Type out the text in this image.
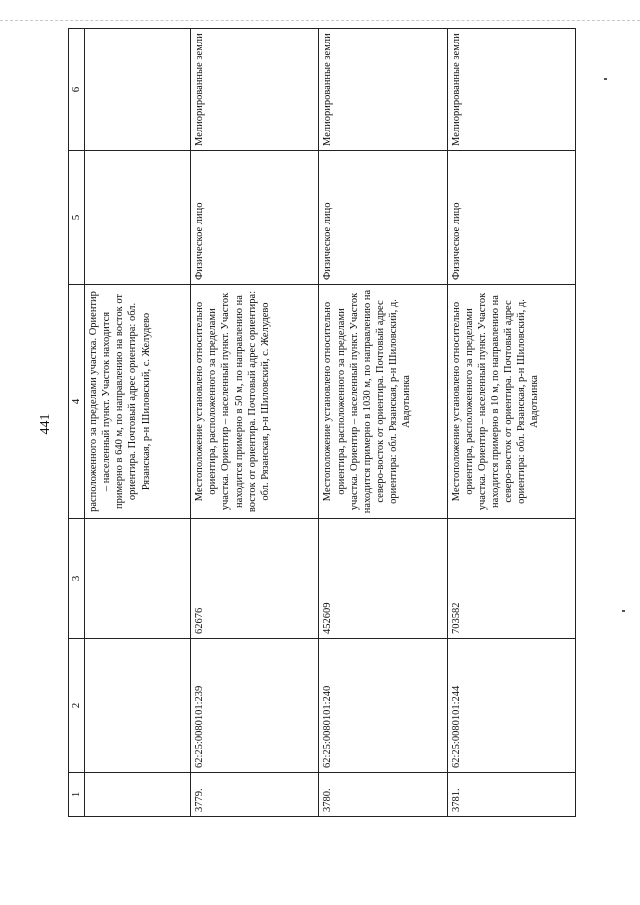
441
1	2	3	4	5	6
			расположенного за пределами участка. Ориентир – населенный пункт. Участок находится примерно в 640 м, по направлению на восток от ориентира. Почтовый адрес ориентира: обл. Рязанская, р-н Шиловский, с. Желудево		
3779.	62:25:0080101:239	62676	Местоположение установлено относительно ориентира, расположенного за пределами участка. Ориентир – населенный пункт. Участок находится примерно в 50 м, по направлению на восток от ориентира. Почтовый адрес ориентира: обл. Рязанская, р-н Шиловский, с. Желудево	Физическое лицо	Мелиорированные земли
3780.	62:25:0080101:240	452609	Местоположение установлено относительно ориентира, расположенного за пределами участка. Ориентир – населенный пункт. Участок находится примерно в 1030 м, по направлению на северо-восток от ориентира. Почтовый адрес ориентира: обл. Рязанская, р-н Шиловский, д. Авдотьинка	Физическое лицо	Мелиорированные земли
3781.	62:25:0080101:244	703582	Местоположение установлено относительно ориентира, расположенного за пределами участка. Ориентир – населенный пункт. Участок находится примерно в 10 м, по направлению на северо-восток от ориентира. Почтовый адрес ориентира: обл. Рязанская, р-н Шиловский, д. Авдотьинка	Физическое лицо	Мелиорированные земли
